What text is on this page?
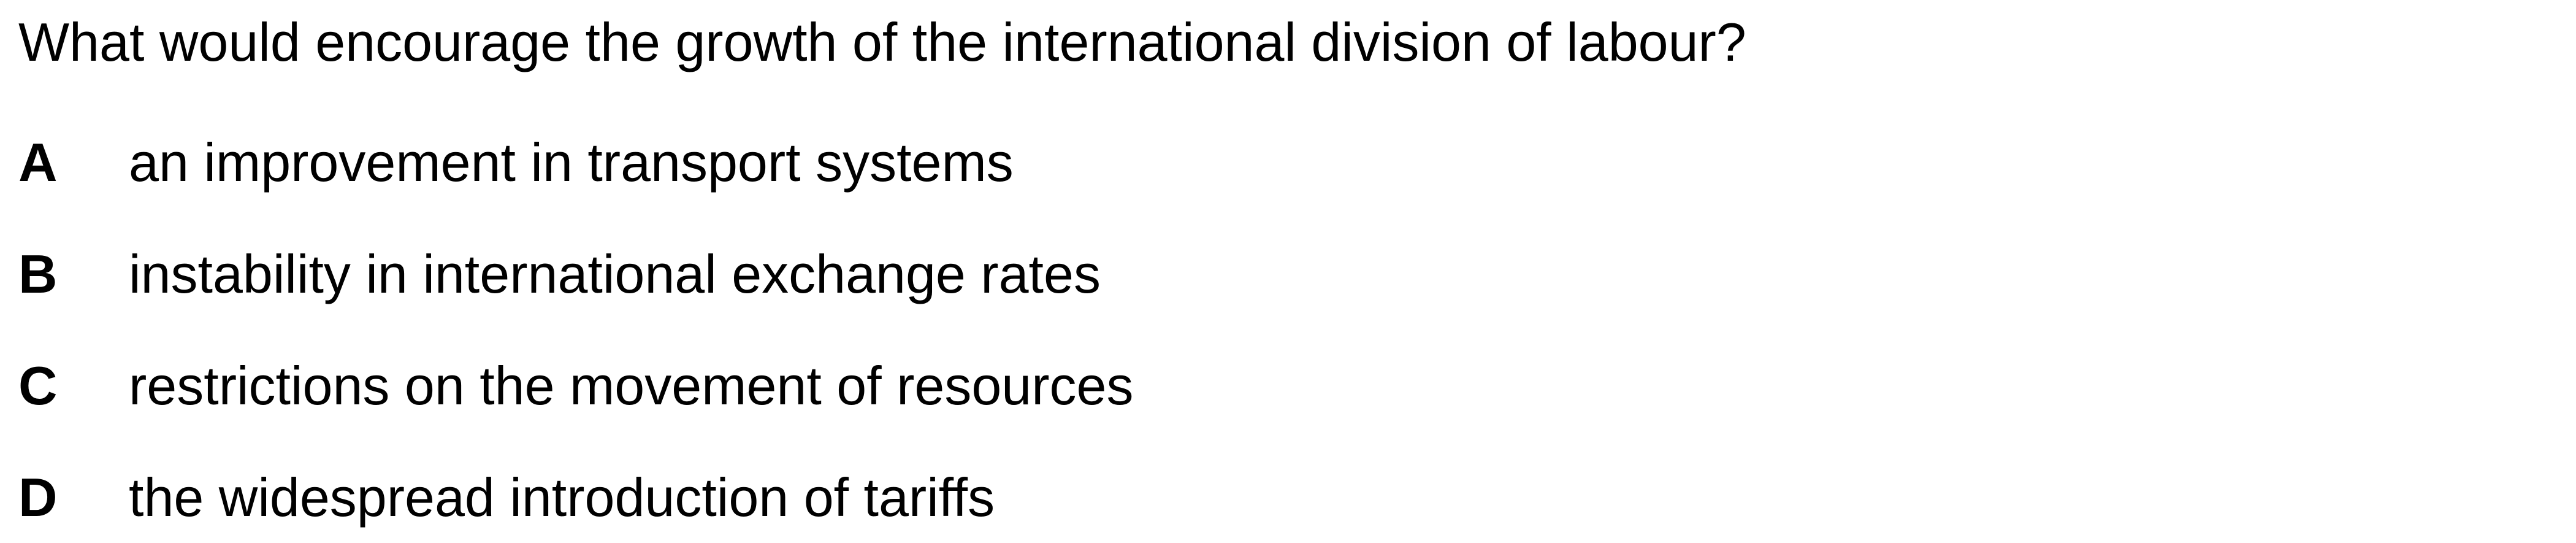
What would encourage the growth of the international division of labour?

A an improvement in transport systems
B instability in international exchange rates
C restrictions on the movement of resources
D the widespread introduction of tariffs
